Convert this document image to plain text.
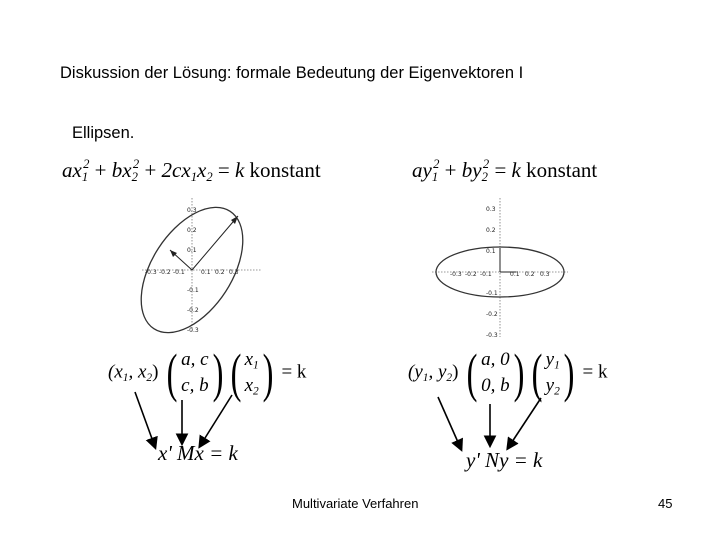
Diskussion der Lösung: formale Bedeutung der Eigenvektoren I
Ellipsen.
$ax_1^2 + bx_2^2 + 2cx_1x_2 = k$ konstant	$ay_1^2 + by_2^2 = k$ konstant
0.3
0.2
0.1
-0.1
-0.2
-0.3
-0.3 -0.2 -0.1	0.1 0.2 0.3
0.3
0.2
0.1
-0.1
-0.2
-0.3
-0.3 -0.2 -0.1	0.1 0.2 0.3
($x_1$, $x_2$) ( a, c
c, b ) ( $x_1$
$x_2$ ) = k	($y_1$, $y_2$) ( a, 0
0, b ) ( $y_1$
$y_2$ ) = k
x' Mx = k	y' Ny = k
Multivariate Verfahren	45
